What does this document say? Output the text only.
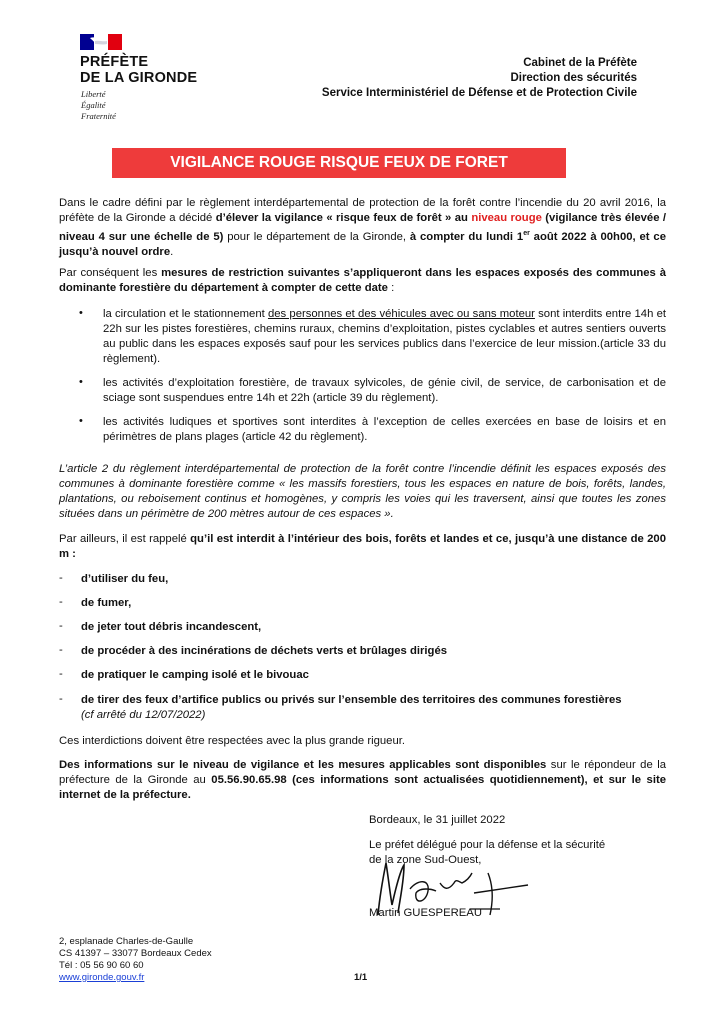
PRÉFÈTE
DE LA GIRONDE
Liberté
Égalité
Fraternité
Cabinet de la Préfète
Direction des sécurités
Service Interministériel de Défense et de Protection Civile
VIGILANCE ROUGE RISQUE FEUX DE FORET
Dans le cadre défini par le règlement interdépartemental de protection de la forêt contre l’incendie du 20 avril 2016, la préfète de la Gironde a décidé d’élever la vigilance « risque feux de forêt » au niveau rouge (vigilance très élevée / niveau 4 sur une échelle de 5) pour le département de la Gironde, à compter du lundi 1er août 2022 à 00h00, et ce jusqu’à nouvel ordre.
Par conséquent les mesures de restriction suivantes s’appliqueront dans les espaces exposés des communes à dominante forestière du département à compter de cette date :
• la circulation et le stationnement des personnes et des véhicules avec ou sans moteur sont interdits entre 14h et 22h sur les pistes forestières, chemins ruraux, chemins d’exploitation, pistes cyclables et autres sentiers ouverts au public dans les espaces exposés sauf pour les services publics dans l’exercice de leur mission.(article 33 du règlement).
• les activités d’exploitation forestière, de travaux sylvicoles, de génie civil, de service, de carbonisation et de sciage sont suspendues entre 14h et 22h (article 39 du règlement).
• les activités ludiques et sportives sont interdites à l’exception de celles exercées en base de loisirs et en périmètres de plans plages (article 42 du règlement).
L’article 2 du règlement interdépartemental de protection de la forêt contre l’incendie définit les espaces exposés des communes à dominante forestière comme « les massifs forestiers, tous les espaces en nature de bois, forêts, landes, plantations, ou reboisement continus et homogènes, y compris les voies qui les traversent, ainsi que toutes les zones situées dans un périmètre de 200 mètres autour de ces espaces ».
Par ailleurs, il est rappelé qu’il est interdit à l’intérieur des bois, forêts et landes et ce, jusqu’à une distance de 200 m :
- d’utiliser du feu,
- de fumer,
- de jeter tout débris incandescent,
- de procéder à des incinérations de déchets verts et brûlages dirigés
- de pratiquer le camping isolé et le bivouac
- de tirer des feux d’artifice publics ou privés sur l’ensemble des territoires des communes forestières
(cf arrêté du 12/07/2022)
Ces interdictions doivent être respectées avec la plus grande rigueur.
Des informations sur le niveau de vigilance et les mesures applicables sont disponibles sur le répondeur de la préfecture de la Gironde au 05.56.90.65.98 (ces informations sont actualisées quotidiennement), et sur le site internet de la préfecture.
Bordeaux, le 31 juillet 2022
Le préfet délégué pour la défense et la sécurité
de la zone Sud-Ouest,
Martin GUESPEREAU
2, esplanade Charles-de-Gaulle
CS 41397 – 33077 Bordeaux Cedex
Tél : 05 56 90 60 60
www.gironde.gouv.fr	1/1
